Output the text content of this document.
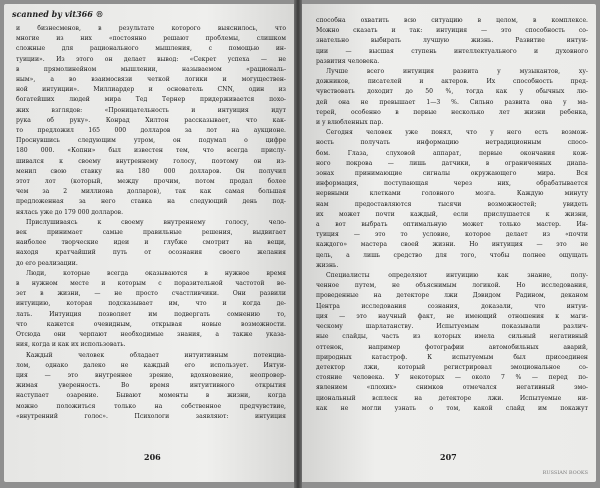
scanned by vit366 ®
и бизнесменов, в результате которого выяснилось, что
многие из них «постоянно решают проблемы, слишком
сложные для рационального мышления, с помощью ин-
туиции». Из этого он делает вывод: «Секрет успеха — не
в прямолинейном мышлении, называемом «рациональ-
ным», а во взаимосвязи четкой логики и могуществен-
ной интуиции». Миллиардер и основатель CNN, один из
богатейших людей мира Тед Тернер придерживается похо-
жих взглядов: «Проницательность и интуиция идут
рука об руку». Конрад Хилтон рассказывает, что как-
то предложил 165 000 долларов за лот на аукционе.
Проснувшись следующим утром, он подумал о цифре
180 000. «Копни» был известен тем, что всегда прислу-
шивался к своему внутреннему голосу, поэтому он из-
менил свою ставку на 180 000 долларов. Он получил
этот лот (который, между прочим, потом продал более
чем за 2 миллиона долларов), так как самая большая
предложенная за него ставка на следующий день под-
нялась уже до 179 000 долларов.
Прислушиваясь к своему внутреннему голосу, чело-
век принимает самые правильные решения, выдвигает
наиболее творческие идеи и глубже смотрит на вещи,
находя кратчайший путь от осознания своего желания
до его реализации.
Люди, которые всегда оказываются в нужное время
в нужном месте и которым с поразительной частотой ве-
зет в жизни, — не просто счастливчики. Они развили
интуицию, которая подсказывает им, что и когда де-
лать. Интуиция позволяет им подвергать сомнению то,
что кажется очевидным, открывая новые возможности.
Отсюда они черпают необходимые знания, а также указа-
ния, когда и как их использовать.
Каждый человек обладает интуитивным потенциа-
лом, однако далеко не каждый его использует. Интуи-
ция — это внутреннее зрение, вдохновение, неопровер-
жимая уверенность. Во время интуитивного открытия
наступает озарение. Бывают моменты в жизни, когда
можно положиться только на собственное предчувствие,
«внутренний голос». Психологи заявляют: интуиция
206
способна охватить всю ситуацию в целом, в комплексе.
Можно сказать и так: интуиция — это способность со-
знательно выбирать лучшую жизнь. Развитие интуи-
ции — высшая ступень интеллектуального и духовного
развития человека.
Лучше всего интуиция развита у музыкантов, ху-
дожников, писателей и актеров. Их способность пред-
чувствовать доходит до 50 %, тогда как у обычных лю-
дей она не превышает 1—3 %. Сильно развита она у ма-
терей, особенно в первые несколько лет жизни ребенка,
и у влюбленных пар.
Сегодня человек уже понял, что у него есть возмож-
ность получать информацию нетрадиционным спосо-
бом. Глаза, слуховой аппарат, первые окончания кож-
ного покрова — лишь датчики, в ограниченных диапа-
зонах принимающие сигналы окружающего мира. Вся
информация, поступающая через них, обрабатывается
нервными клетками головного мозга. Каждую минуту
нам предоставляются тысячи возможностей; увидеть
их может почти каждый, если прислушается к жизни,
а вот выбрать оптимальную может только мастер. Ин-
туиция — это то условие, которое делает из «почти
каждого» мастера своей жизни. Но интуиция — это не
цель, а лишь средство для того, чтобы полнее ощущать
жизнь.
Специалисты определяют интуицию как знание, полу-
ченное путем, не объяснимым логикой. Но исследования,
проведенные на детекторе лжи Дэвидом Радином, деканом
Центра исследования сознания, доказали, что интуи-
ция — это научный факт, не имеющий отношения к маги-
ческому шарлатанству. Испытуемым показывали различ-
ные слайды, часть из которых имела сильный негативный
оттенок, например фотографии автомобильных аварий,
природных катастроф. К испытуемым был присоединен
детектор лжи, который регистрировал эмоциональное со-
стояние человека. У некоторых — около 7 % — перед по-
явлением «плохих» снимков отмечался негативный эмо-
циональный всплеск на детекторе лжи. Испытуемые ни-
как не могли узнать о том, какой слайд им покажут
207
RUSSIAN BOOKS
